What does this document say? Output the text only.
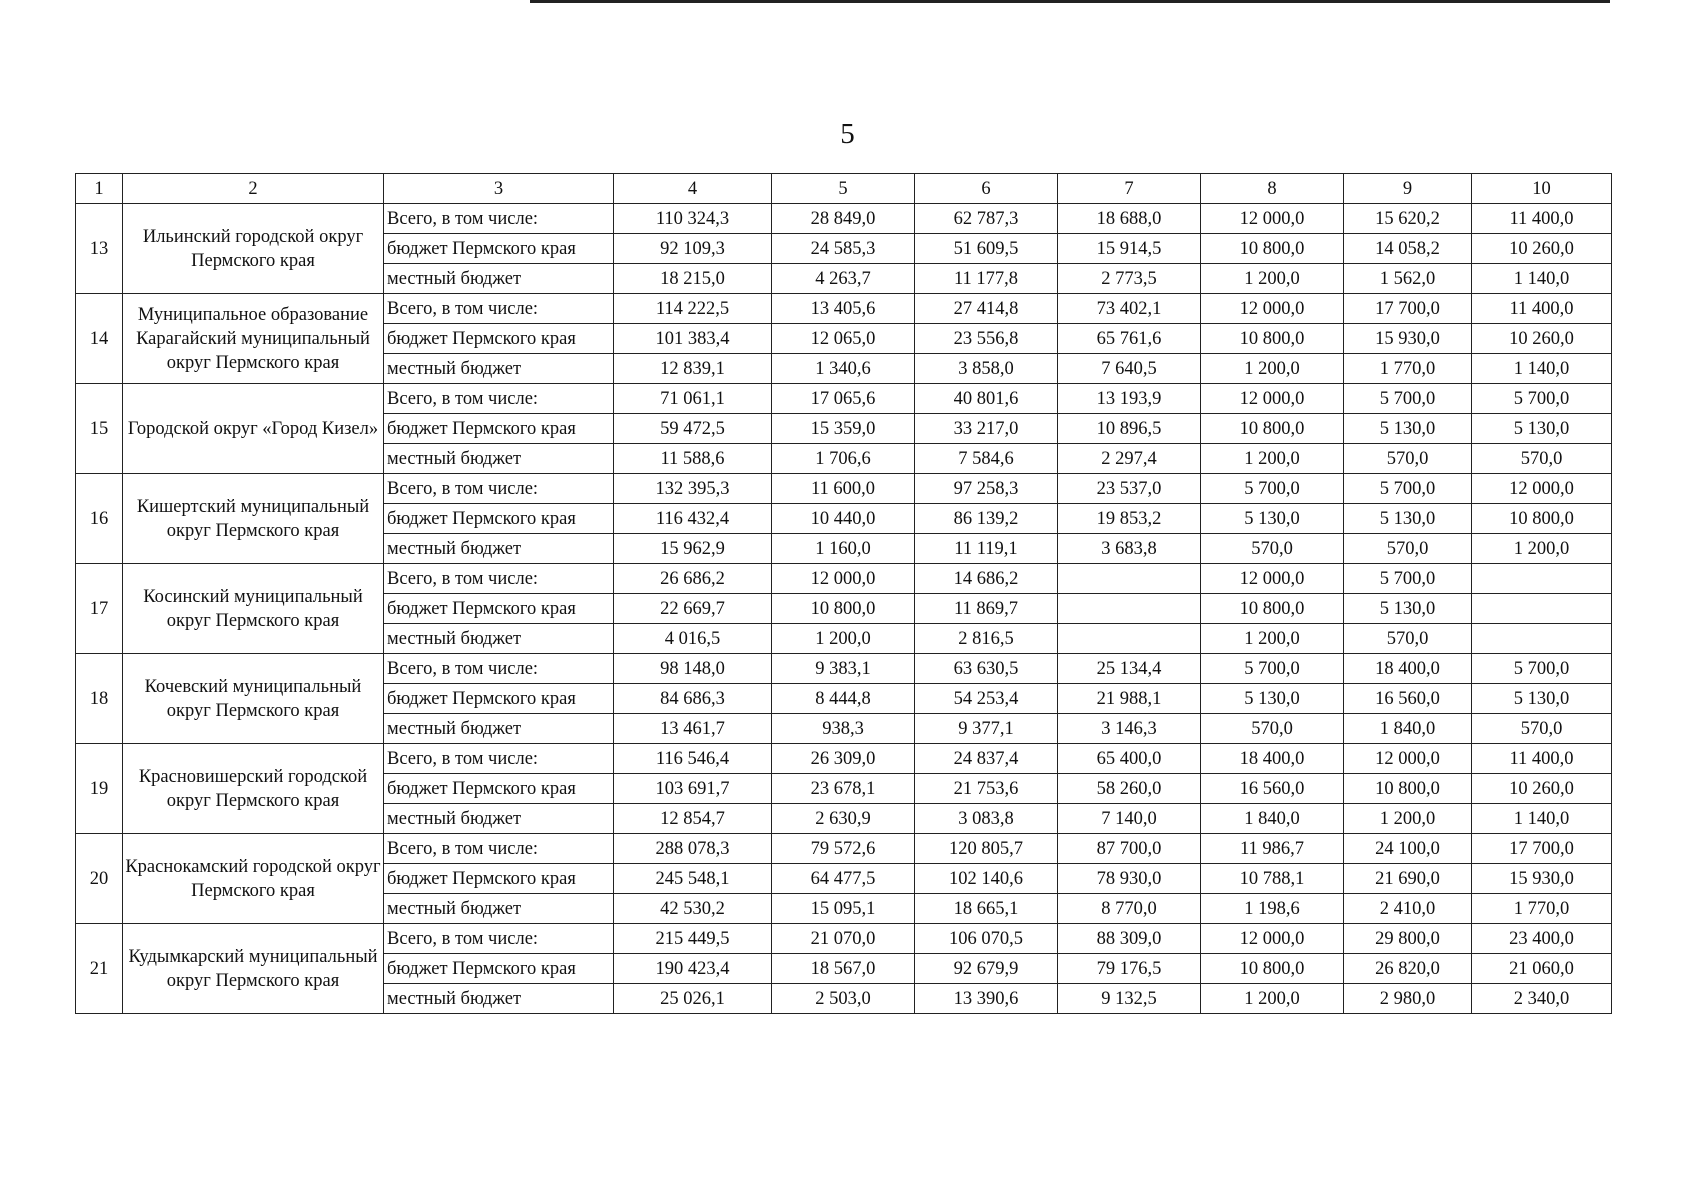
5
1	2	3	4	5	6	7	8	9	10
13	Ильинский городской округ Пермского края	Всего, в том числе:	110 324,3	28 849,0	62 787,3	18 688,0	12 000,0	15 620,2	11 400,0
		бюджет Пермского края	92 109,3	24 585,3	51 609,5	15 914,5	10 800,0	14 058,2	10 260,0
		местный бюджет	18 215,0	4 263,7	11 177,8	2 773,5	1 200,0	1 562,0	1 140,0
14	Муниципальное образование Карагайский муниципальный округ Пермского края	Всего, в том числе:	114 222,5	13 405,6	27 414,8	73 402,1	12 000,0	17 700,0	11 400,0
		бюджет Пермского края	101 383,4	12 065,0	23 556,8	65 761,6	10 800,0	15 930,0	10 260,0
		местный бюджет	12 839,1	1 340,6	3 858,0	7 640,5	1 200,0	1 770,0	1 140,0
15	Городской округ «Город Кизел»	Всего, в том числе:	71 061,1	17 065,6	40 801,6	13 193,9	12 000,0	5 700,0	5 700,0
		бюджет Пермского края	59 472,5	15 359,0	33 217,0	10 896,5	10 800,0	5 130,0	5 130,0
		местный бюджет	11 588,6	1 706,6	7 584,6	2 297,4	1 200,0	570,0	570,0
16	Кишертский муниципальный округ Пермского края	Всего, в том числе:	132 395,3	11 600,0	97 258,3	23 537,0	5 700,0	5 700,0	12 000,0
		бюджет Пермского края	116 432,4	10 440,0	86 139,2	19 853,2	5 130,0	5 130,0	10 800,0
		местный бюджет	15 962,9	1 160,0	11 119,1	3 683,8	570,0	570,0	1 200,0
17	Косинский муниципальный округ Пермского края	Всего, в том числе:	26 686,2	12 000,0	14 686,2		12 000,0	5 700,0	
		бюджет Пермского края	22 669,7	10 800,0	11 869,7		10 800,0	5 130,0	
		местный бюджет	4 016,5	1 200,0	2 816,5		1 200,0	570,0	
18	Кочевский муниципальный округ Пермского края	Всего, в том числе:	98 148,0	9 383,1	63 630,5	25 134,4	5 700,0	18 400,0	5 700,0
		бюджет Пермского края	84 686,3	8 444,8	54 253,4	21 988,1	5 130,0	16 560,0	5 130,0
		местный бюджет	13 461,7	938,3	9 377,1	3 146,3	570,0	1 840,0	570,0
19	Красновишерский городской округ Пермского края	Всего, в том числе:	116 546,4	26 309,0	24 837,4	65 400,0	18 400,0	12 000,0	11 400,0
		бюджет Пермского края	103 691,7	23 678,1	21 753,6	58 260,0	16 560,0	10 800,0	10 260,0
		местный бюджет	12 854,7	2 630,9	3 083,8	7 140,0	1 840,0	1 200,0	1 140,0
20	Краснокамский городской округ Пермского края	Всего, в том числе:	288 078,3	79 572,6	120 805,7	87 700,0	11 986,7	24 100,0	17 700,0
		бюджет Пермского края	245 548,1	64 477,5	102 140,6	78 930,0	10 788,1	21 690,0	15 930,0
		местный бюджет	42 530,2	15 095,1	18 665,1	8 770,0	1 198,6	2 410,0	1 770,0
21	Кудымкарский муниципальный округ Пермского края	Всего, в том числе:	215 449,5	21 070,0	106 070,5	88 309,0	12 000,0	29 800,0	23 400,0
		бюджет Пермского края	190 423,4	18 567,0	92 679,9	79 176,5	10 800,0	26 820,0	21 060,0
		местный бюджет	25 026,1	2 503,0	13 390,6	9 132,5	1 200,0	2 980,0	2 340,0
